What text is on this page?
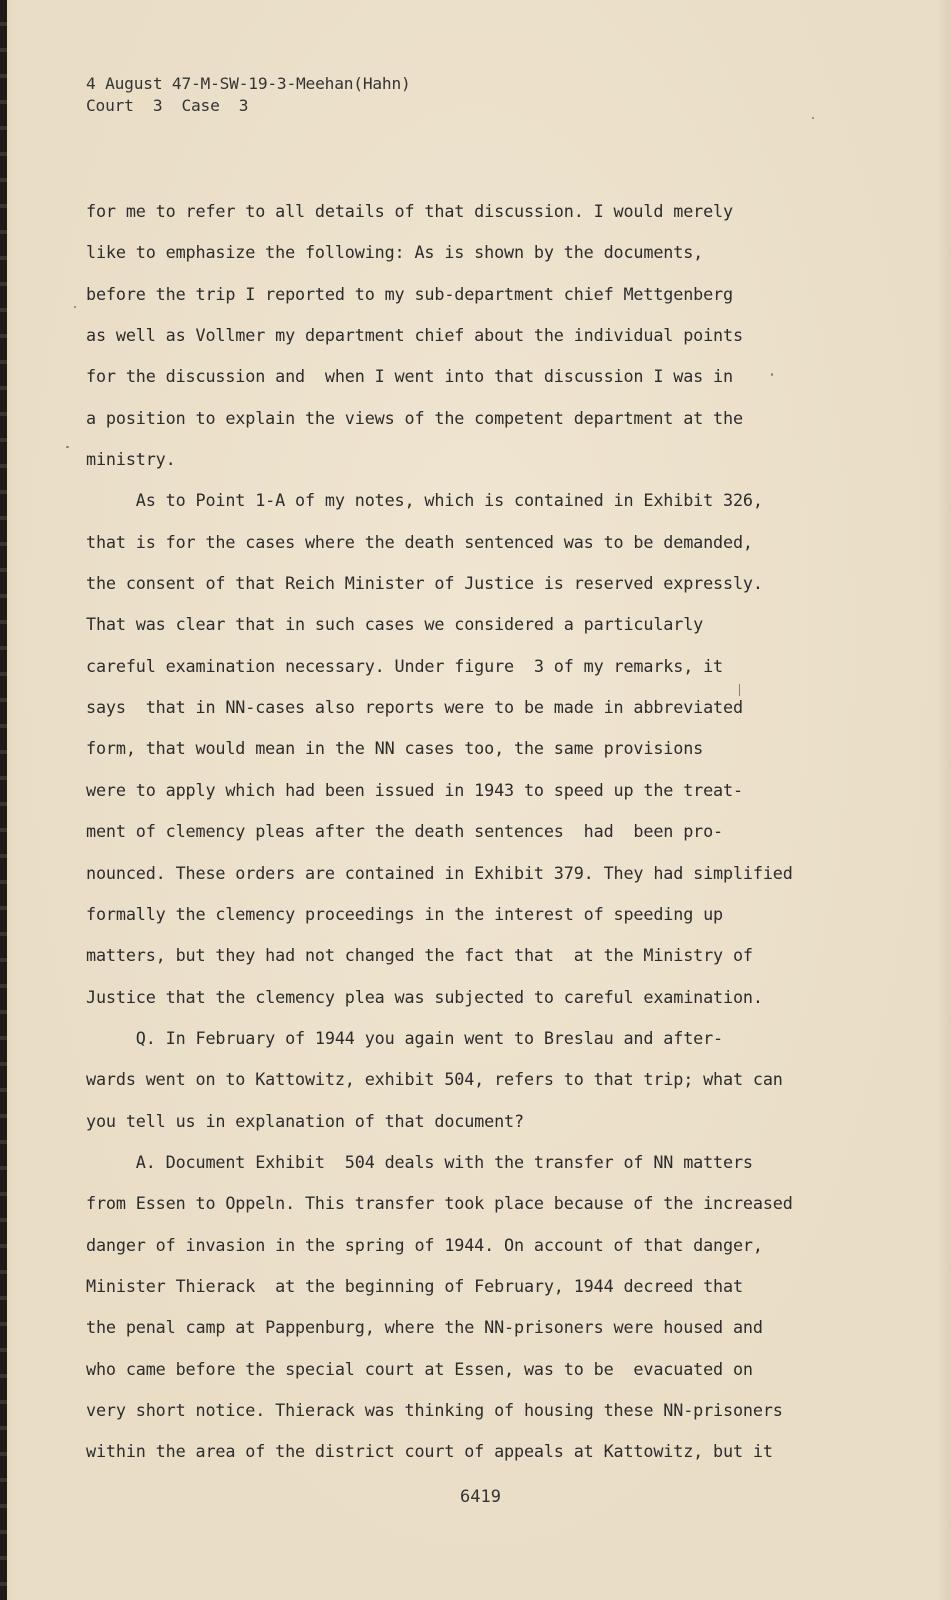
4 August 47-M-SW-19-3-Meehan(Hahn)
Court  3  Case  3
for me to refer to all details of that discussion. I would merely
like to emphasize the following: As is shown by the documents,
before the trip I reported to my sub-department chief Mettgenberg
as well as Vollmer my department chief about the individual points
for the discussion and  when I went into that discussion I was in
a position to explain the views of the competent department at the
ministry.
As to Point 1-A of my notes, which is contained in Exhibit 326,
that is for the cases where the death sentenced was to be demanded,
the consent of that Reich Minister of Justice is reserved expressly.
That was clear that in such cases we considered a particularly
careful examination necessary. Under figure  3 of my remarks, it
says  that in NN-cases also reports were to be made in abbreviated
form, that would mean in the NN cases too, the same provisions
were to apply which had been issued in 1943 to speed up the treat-
ment of clemency pleas after the death sentences  had  been pro-
nounced. These orders are contained in Exhibit 379. They had simplified
formally the clemency proceedings in the interest of speeding up
matters, but they had not changed the fact that  at the Ministry of
Justice that the clemency plea was subjected to careful examination.
Q. In February of 1944 you again went to Breslau and after-
wards went on to Kattowitz, exhibit 504, refers to that trip; what can
you tell us in explanation of that document?
A. Document Exhibit  504 deals with the transfer of NN matters
from Essen to Oppeln. This transfer took place because of the increased
danger of invasion in the spring of 1944. On account of that danger,
Minister Thierack  at the beginning of February, 1944 decreed that
the penal camp at Pappenburg, where the NN-prisoners were housed and
who came before the special court at Essen, was to be  evacuated on
very short notice. Thierack was thinking of housing these NN-prisoners
within the area of the district court of appeals at Kattowitz, but it
6419
